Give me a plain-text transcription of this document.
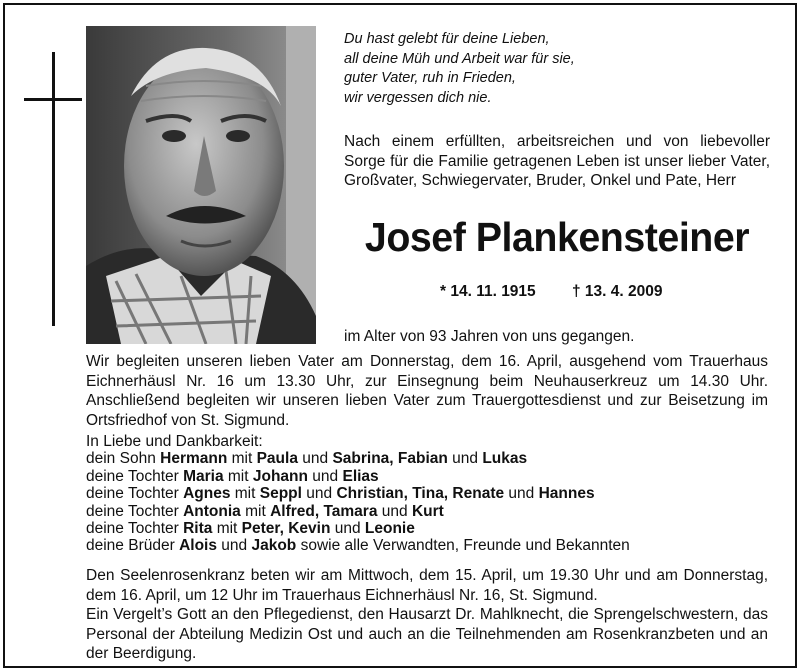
Du hast gelebt für deine Lieben,
all deine Müh und Arbeit war für sie,
guter Vater, ruh in Frieden,
wir vergessen dich nie.
Nach einem erfüllten, arbeitsreichen und von liebevoller Sorge für die Familie getragenen Leben ist unser lieber Vater, Großvater, Schwiegervater, Bruder, Onkel und Pate, Herr
Josef Plankensteiner
* 14. 11. 1915 † 13. 4. 2009
im Alter von 93 Jahren von uns gegangen.
Wir begleiten unseren lieben Vater am Donnerstag, dem 16. April, ausgehend vom Trauerhaus Eichnerhäusl Nr. 16 um 13.30 Uhr, zur Einsegnung beim Neuhauserkreuz um 14.30 Uhr. Anschließend begleiten wir unseren lieben Vater zum Trauergottesdienst und zur Beisetzung im Ortsfriedhof von St. Sigmund.
In Liebe und Dankbarkeit:
dein Sohn Hermann mit Paula und Sabrina, Fabian und Lukas
deine Tochter Maria mit Johann und Elias
deine Tochter Agnes mit Seppl und Christian, Tina, Renate und Hannes
deine Tochter Antonia mit Alfred, Tamara und Kurt
deine Tochter Rita mit Peter, Kevin und Leonie
deine Brüder Alois und Jakob sowie alle Verwandten, Freunde und Bekannten
Den Seelenrosenkranz beten wir am Mittwoch, dem 15. April, um 19.30 Uhr und am Donnerstag, dem 16. April, um 12 Uhr im Trauerhaus Eichnerhäusl Nr. 16, St. Sigmund.
Ein Vergelt’s Gott an den Pflegedienst, den Hausarzt Dr. Mahlknecht, die Sprengelschwestern, das Personal der Abteilung Medizin Ost und auch an die Teilnehmenden am Rosenkranzbeten und an der Beerdigung.
